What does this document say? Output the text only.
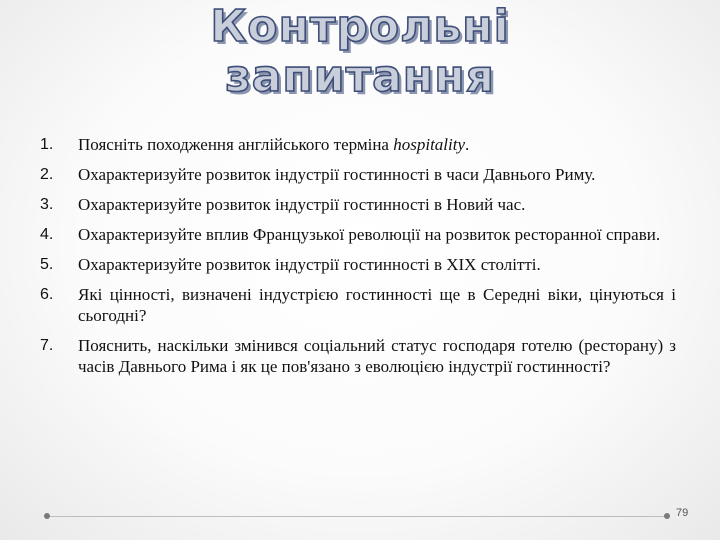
Контрольні
запитання
1.	Поясніть походження англійського терміна hospitality.
2.	Охарактеризуйте розвиток індустрії гостинності в часи Давнього Риму.
3.	Охарактеризуйте розвиток індустрії гостинності в Новий час.
4.	Охарактеризуйте вплив Французької революції на розвиток ресторанної справи.
5.	Охарактеризуйте розвиток індустрії гостинності в XIX столітті.
6.	Які цінності, визначені індустрією гостинності ще в Середні віки, цінуються і сьогодні?
7.	Пояснить, наскільки змінився соціальний статус господаря готелю (ресторану) з часів Давнього Рима і як це пов'язано з еволюцією індустрії гостинності?
79
